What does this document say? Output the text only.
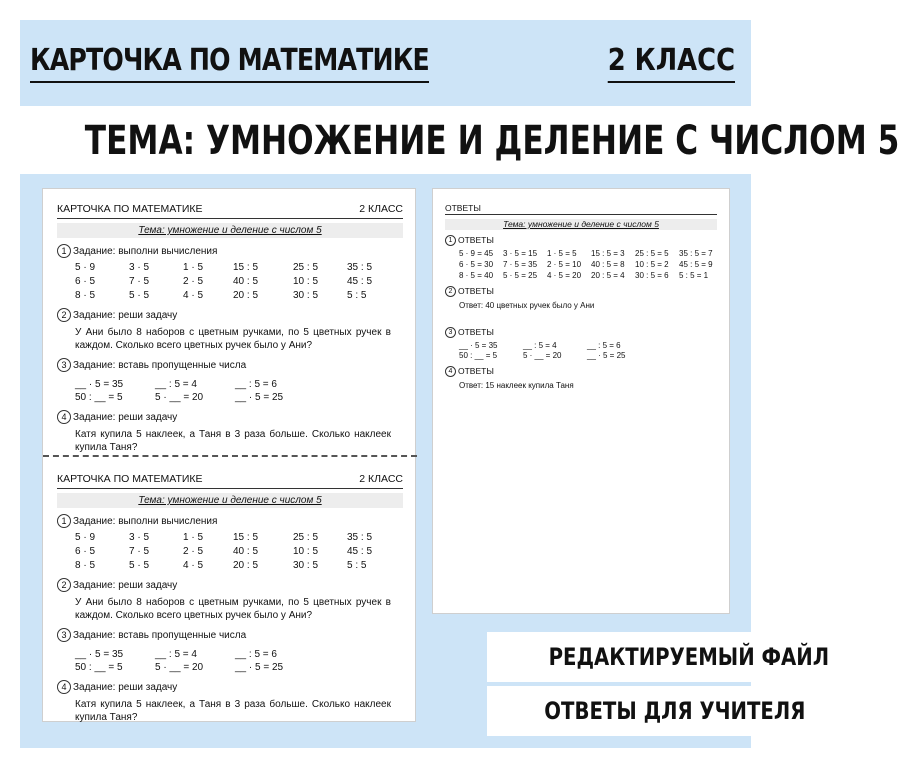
КАРТОЧКА ПО МАТЕМАТИКЕ	2 КЛАСС
ТЕМА: УМНОЖЕНИЕ И ДЕЛЕНИЕ С ЧИСЛОМ 5
КАРТОЧКА ПО МАТЕМАТИКЕ	2 КЛАСС
Тема: умножение и деление с числом 5
1 Задание: выполни вычисления
5 · 9	3 · 5	1 · 5	15 : 5	25 : 5	35 : 5
6 · 5	7 · 5	2 · 5	40 : 5	10 : 5	45 : 5
8 · 5	5 · 5	4 · 5	20 : 5	30 : 5	5 : 5
2 Задание: реши задачу
У Ани было 8 наборов с цветным ручками, по 5 цветных ручек в каждом. Сколько всего цветных ручек было у Ани?
3 Задание: вставь пропущенные числа
__ · 5 = 35	__ : 5 = 4	__ : 5 = 6
50 : __ = 5	5 · __ = 20	__ · 5 = 25
4 Задание: реши задачу
Катя купила 5 наклеек, а Таня в 3 раза больше. Сколько наклеек купила Таня?
КАРТОЧКА ПО МАТЕМАТИКЕ	2 КЛАСС
Тема: умножение и деление с числом 5
1 Задание: выполни вычисления
5 · 9	3 · 5	1 · 5	15 : 5	25 : 5	35 : 5
6 · 5	7 · 5	2 · 5	40 : 5	10 : 5	45 : 5
8 · 5	5 · 5	4 · 5	20 : 5	30 : 5	5 : 5
2 Задание: реши задачу
У Ани было 8 наборов с цветным ручками, по 5 цветных ручек в каждом. Сколько всего цветных ручек было у Ани?
3 Задание: вставь пропущенные числа
__ · 5 = 35	__ : 5 = 4	__ : 5 = 6
50 : __ = 5	5 · __ = 20	__ · 5 = 25
4 Задание: реши задачу
Катя купила 5 наклеек, а Таня в 3 раза больше. Сколько наклеек купила Таня?
ОТВЕТЫ
Тема: умножение и деление с числом 5
1 ОТВЕТЫ
5 · 9 = 45	3 · 5 = 15	1 · 5 = 5	15 : 5 = 3	25 : 5 = 5	35 : 5 = 7
6 · 5 = 30	7 · 5 = 35	2 · 5 = 10	40 : 5 = 8	10 : 5 = 2	45 : 5 = 9
8 · 5 = 40	5 · 5 = 25	4 · 5 = 20	20 : 5 = 4	30 : 5 = 6	5 : 5 = 1
2 ОТВЕТЫ
Ответ: 40 цветных ручек было у Ани
3 ОТВЕТЫ
__ · 5 = 35	__ : 5 = 4	__ : 5 = 6
50 : __ = 5	5 · __ = 20	__ · 5 = 25
4 ОТВЕТЫ
Ответ: 15 наклеек купила Таня
РЕДАКТИРУЕМЫЙ ФАЙЛ
ОТВЕТЫ ДЛЯ УЧИТЕЛЯ
